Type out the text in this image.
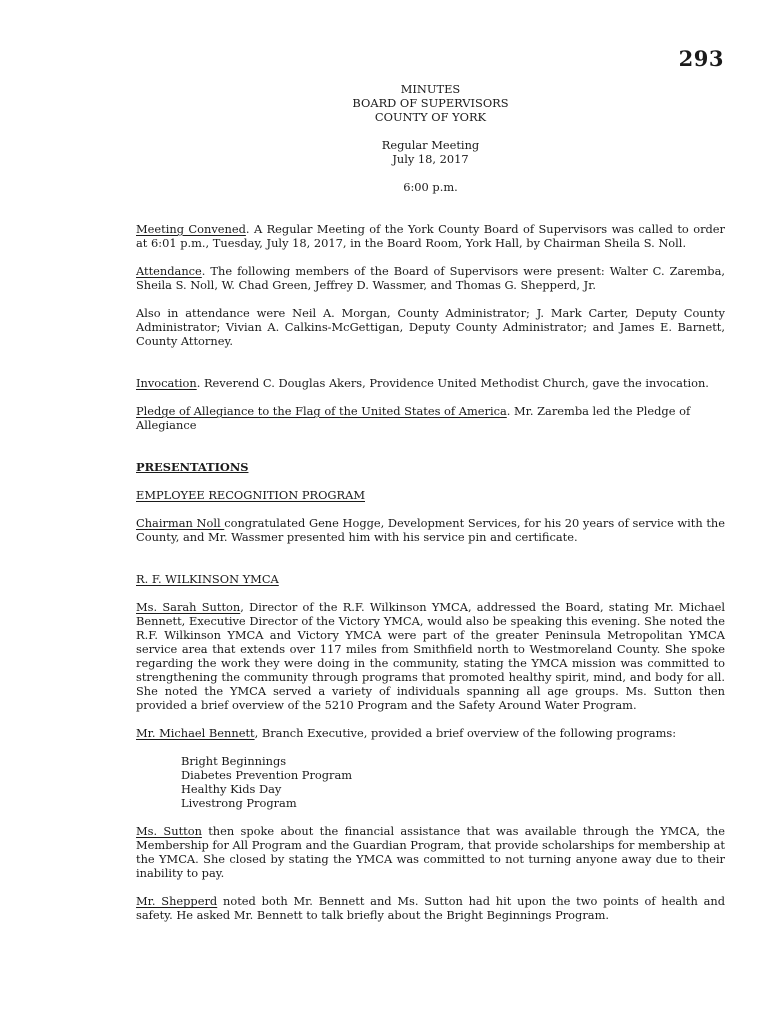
293
MINUTES
BOARD OF SUPERVISORS
COUNTY OF YORK
Regular Meeting
July 18, 2017
6:00 p.m.

Meeting Convened. A Regular Meeting of the York County Board of Supervisors was called to order at 6:01 p.m., Tuesday, July 18, 2017, in the Board Room, York Hall, by Chairman Sheila S. Noll.

Attendance. The following members of the Board of Supervisors were present: Walter C. Zaremba, Sheila S. Noll, W. Chad Green, Jeffrey D. Wassmer, and Thomas G. Shepperd, Jr.

Also in attendance were Neil A. Morgan, County Administrator; J. Mark Carter, Deputy County Administrator; Vivian A. Calkins-McGettigan, Deputy County Administrator; and James E. Barnett, County Attorney.

Invocation. Reverend C. Douglas Akers, Providence United Methodist Church, gave the invocation.

Pledge of Allegiance to the Flag of the United States of America. Mr. Zaremba led the Pledge of Allegiance

PRESENTATIONS
EMPLOYEE RECOGNITION PROGRAM

Chairman Noll congratulated Gene Hogge, Development Services, for his 20 years of service with the County, and Mr. Wassmer presented him with his service pin and certificate.

R. F. WILKINSON YMCA

Ms. Sarah Sutton, Director of the R.F. Wilkinson YMCA, addressed the Board, stating Mr. Michael Bennett, Executive Director of the Victory YMCA, would also be speaking this evening. She noted the R.F. Wilkinson YMCA and Victory YMCA were part of the greater Peninsula Metropolitan YMCA service area that extends over 117 miles from Smithfield north to Westmoreland County. She spoke regarding the work they were doing in the community, stating the YMCA mission was committed to strengthening the community through programs that promoted healthy spirit, mind, and body for all. She noted the YMCA served a variety of individuals spanning all age groups. Ms. Sutton then provided a brief overview of the 5210 Program and the Safety Around Water Program.

Mr. Michael Bennett, Branch Executive, provided a brief overview of the following programs:

Bright Beginnings
Diabetes Prevention Program
Healthy Kids Day
Livestrong Program

Ms. Sutton then spoke about the financial assistance that was available through the YMCA, the Membership for All Program and the Guardian Program, that provide scholarships for membership at the YMCA. She closed by stating the YMCA was committed to not turning anyone away due to their inability to pay.

Mr. Shepperd noted both Mr. Bennett and Ms. Sutton had hit upon the two points of health and safety. He asked Mr. Bennett to talk briefly about the Bright Beginnings Program.
